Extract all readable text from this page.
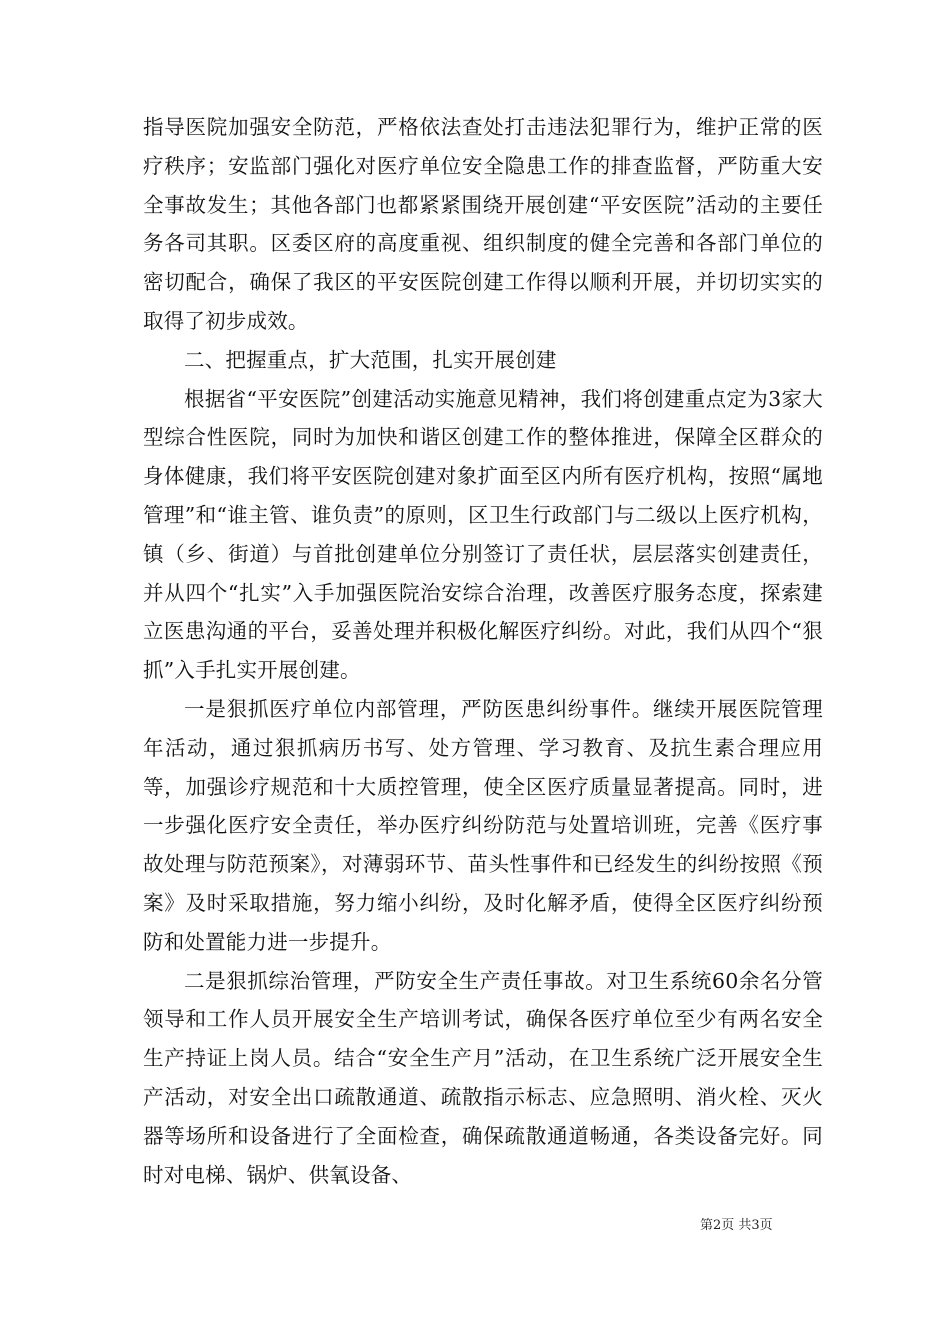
指导医院加强安全防范，严格依法查处打击违法犯罪行为，维护正常的医疗秩序；安监部门强化对医疗单位安全隐患工作的排查监督，严防重大安全事故发生；其他各部门也都紧紧围绕开展创建“平安医院”活动的主要任务各司其职。区委区府的高度重视、组织制度的健全完善和各部门单位的密切配合，确保了我区的平安医院创建工作得以顺利开展，并切切实实的取得了初步成效。

二、把握重点，扩大范围，扎实开展创建

根据省“平安医院”创建活动实施意见精神，我们将创建重点定为3家大型综合性医院，同时为加快和谐区创建工作的整体推进，保障全区群众的身体健康，我们将平安医院创建对象扩面至区内所有医疗机构，按照“属地管理”和“谁主管、谁负责”的原则，区卫生行政部门与二级以上医疗机构，镇（乡、街道）与首批创建单位分别签订了责任状，层层落实创建责任，并从四个“扎实”入手加强医院治安综合治理，改善医疗服务态度，探索建立医患沟通的平台，妥善处理并积极化解医疗纠纷。对此，我们从四个“狠抓”入手扎实开展创建。

一是狠抓医疗单位内部管理，严防医患纠纷事件。继续开展医院管理年活动，通过狠抓病历书写、处方管理、学习教育、及抗生素合理应用等，加强诊疗规范和十大质控管理，使全区医疗质量显著提高。同时，进一步强化医疗安全责任，举办医疗纠纷防范与处置培训班，完善《医疗事故处理与防范预案》，对薄弱环节、苗头性事件和已经发生的纠纷按照《预案》及时采取措施，努力缩小纠纷，及时化解矛盾，使得全区医疗纠纷预防和处置能力进一步提升。

二是狠抓综治管理，严防安全生产责任事故。对卫生系统60余名分管领导和工作人员开展安全生产培训考试，确保各医疗单位至少有两名安全生产持证上岗人员。结合“安全生产月”活动，在卫生系统广泛开展安全生产活动，对安全出口疏散通道、疏散指示标志、应急照明、消火栓、灭火器等场所和设备进行了全面检查，确保疏散通道畅通，各类设备完好。同时对电梯、锅炉、供氧设备、

第2页 共3页
